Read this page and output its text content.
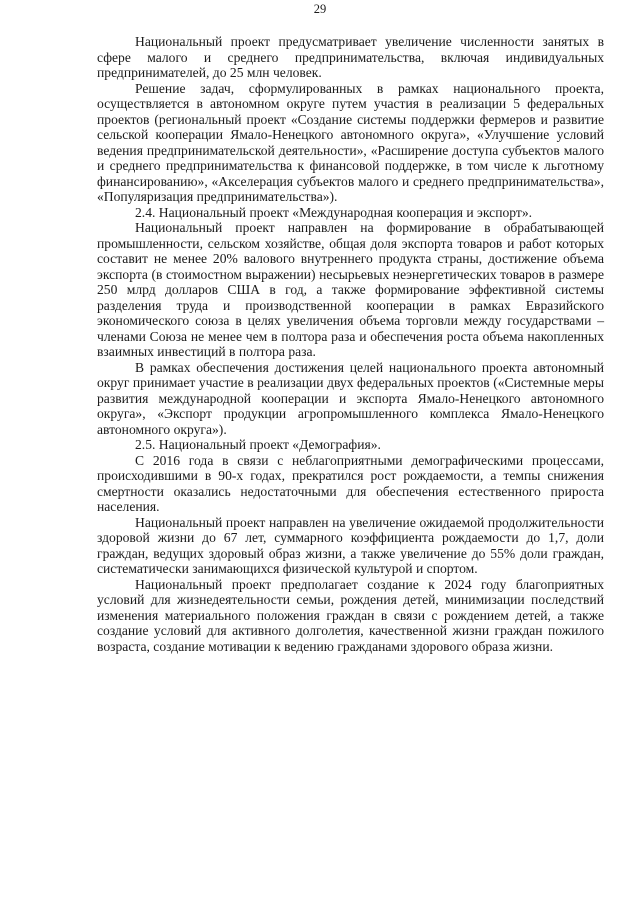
29

Национальный проект предусматривает увеличение численности занятых в сфере малого и среднего предпринимательства, включая индивидуальных предпринимателей, до 25 млн человек.

Решение задач, сформулированных в рамках национального проекта, осуществляется в автономном округе путем участия в реализации 5 федеральных проектов (региональный проект «Создание системы поддержки фермеров и развитие сельской кооперации Ямало-Ненецкого автономного округа», «Улучшение условий ведения предпринимательской деятельности», «Расширение доступа субъектов малого и среднего предпринимательства к финансовой поддержке, в том числе к льготному финансированию», «Акселерация субъектов малого и среднего предпринимательства», «Популяризация предпринимательства»).

2.4. Национальный проект «Международная кооперация и экспорт».

Национальный проект направлен на формирование в обрабатывающей промышленности, сельском хозяйстве, общая доля экспорта товаров и работ которых составит не менее 20% валового внутреннего продукта страны, достижение объема экспорта (в стоимостном выражении) несырьевых неэнергетических товаров в размере 250 млрд долларов США в год, а также формирование эффективной системы разделения труда и производственной кооперации в рамках Евразийского экономического союза в целях увеличения объема торговли между государствами – членами Союза не менее чем в полтора раза и обеспечения роста объема накопленных взаимных инвестиций в полтора раза.

В рамках обеспечения достижения целей национального проекта автономный округ принимает участие в реализации двух федеральных проектов («Системные меры развития международной кооперации и экспорта Ямало-Ненецкого автономного округа», «Экспорт продукции агропромышленного комплекса Ямало-Ненецкого автономного округа»).

2.5. Национальный проект «Демография».

С 2016 года в связи с неблагоприятными демографическими процессами, происходившими в 90-х годах, прекратился рост рождаемости, а темпы снижения смертности оказались недостаточными для обеспечения естественного прироста населения.

Национальный проект направлен на увеличение ожидаемой продолжительности здоровой жизни до 67 лет, суммарного коэффициента рождаемости до 1,7, доли граждан, ведущих здоровый образ жизни, а также увеличение до 55% доли граждан, систематически занимающихся физической культурой и спортом.

Национальный проект предполагает создание к 2024 году благоприятных условий для жизнедеятельности семьи, рождения детей, минимизации последствий изменения материального положения граждан в связи с рождением детей, а также создание условий для активного долголетия, качественной жизни граждан пожилого возраста, создание мотивации к ведению гражданами здорового образа жизни.
